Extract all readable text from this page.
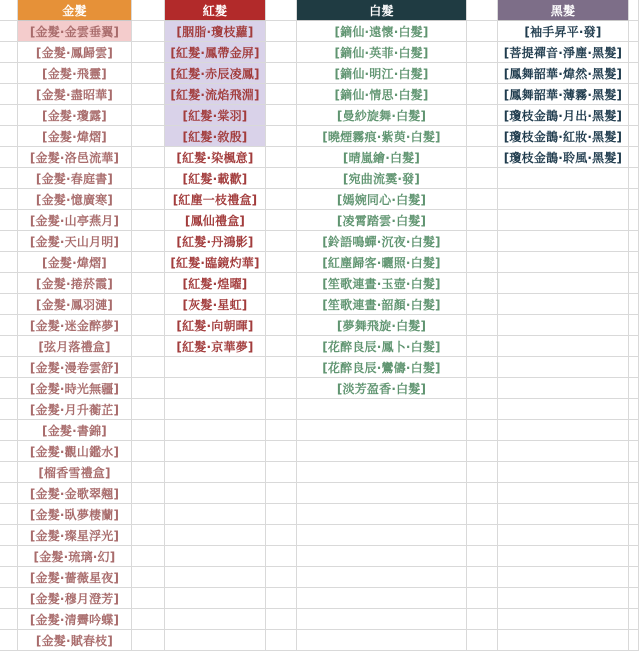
金髮
[金髮·金雲垂翼]
[金髮·鳳歸雲]
[金髮·飛靈]
[金髮·盡昭華]
[金髮·瓊露]
[金髮·煒熠]
[金髮·洛邑流華]
[金髮·春庭書]
[金髮·憶廣寒]
[金髮·山亭燕月]
[金髮·天山月明]
[金髮·煒熠]
[金髮·捲菸霞]
[金髮·鳳羽漣]
[金髮·迷金醉夢]
[弦月落禮盒]
[金髮·漫卷雲舒]
[金髮·時光無疆]
[金髮·月升蘅芷]
[金髮·書錦]
[金髮·觀山鑑水]
[榴香雪禮盒]
[金髮·金歌翠翹]
[金髮·臥夢棲蘭]
[金髮·璨星浮光]
[金髮·琉璃·幻]
[金髮·薔薇星夜]
[金髮·穆月澄芳]
[金髮·清霽吟蝶]
[金髮·賦春枝]
紅髮
[胭脂·瓊枝蘿]
[紅髮·鳳帶金屏]
[紅髮·赤辰凌鳳]
[紅髮·流焰飛淵]
[紅髮·棠羽]
[紅髮·敘殷]
[紅髮·染楓意]
[紅髮·載歡]
[紅塵一枝禮盒]
[鳳仙禮盒]
[紅髮·丹鴻影]
[紅髮·臨鏡灼華]
[紅髮·煌曜]
[灰髮·星虹]
[紅髮·向朝暉]
[紅髮·京華夢]
白髮
[鏑仙·遠懷·白髮]
[鏑仙·英菲·白髮]
[鏑仙·明江·白髮]
[鏑仙·情思·白髮]
[曼紗旋舞·白髮]
[曉煙霧痕·紫萸·白髮]
[晴嵐繪·白髮]
[宛曲流霙·發]
[嫣婉同心·白髮]
[凌霄踏雲·白髮]
[鈴語鳴蟬·沉夜·白髮]
[紅塵歸客·曬照·白髮]
[笙歌連晝·玉壺·白髮]
[笙歌連晝·韶顏·白髮]
[夢舞飛旋·白髮]
[花醉良辰·鳳卜·白髮]
[花醉良辰·鸞儔·白髮]
[淡芳盈香·白髮]
黑髮
[袖手昇平·發]
[菩提禪音·淨塵·黑髮]
[鳳舞韶華·煒然·黑髮]
[鳳舞韶華·薄霧·黑髮]
[瓊枝金鵲·月出·黑髮]
[瓊枝金鵲·紅妝·黑髮]
[瓊枝金鵲·聆風·黑髮]
